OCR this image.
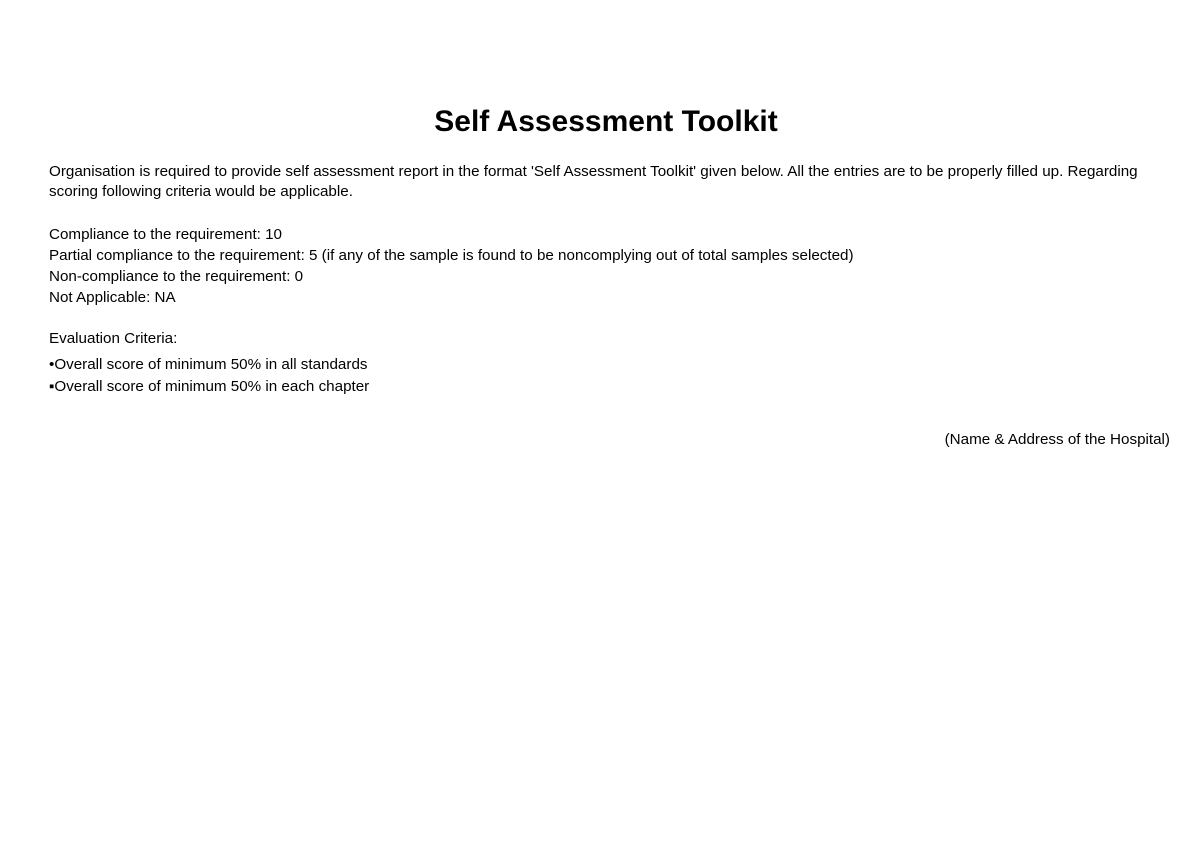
Self Assessment Toolkit

Organisation is required to provide self assessment report in the format 'Self Assessment Toolkit' given below. All the entries are to be properly filled up. Regarding scoring following criteria would be applicable.

Compliance to the requirement: 10
Partial compliance to the requirement: 5 (if any of the sample is found to be noncomplying out of total samples selected)
Non-compliance to the requirement: 0
Not Applicable: NA

Evaluation Criteria:

•Overall score of minimum 50% in all standards
▪Overall score of minimum 50% in each chapter

(Name & Address of the Hospital)
